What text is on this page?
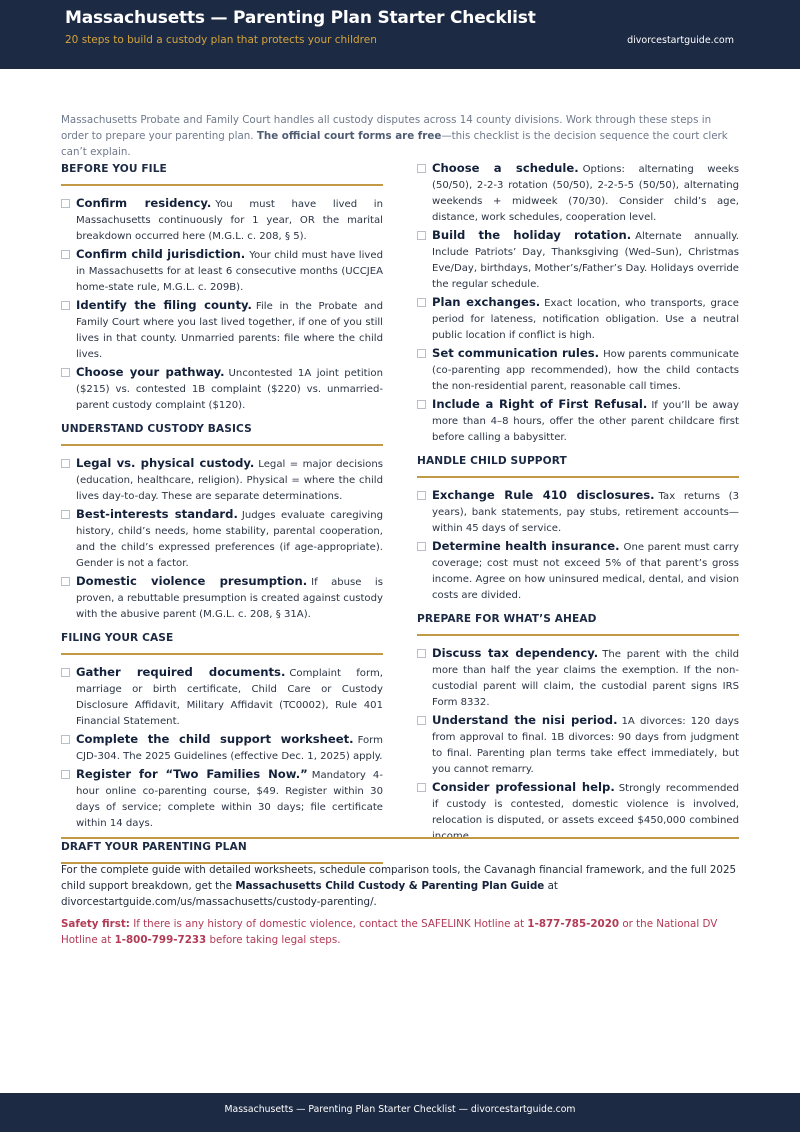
Massachusetts — Parenting Plan Starter Checklist
20 steps to build a custody plan that protects your children	divorcestartguide.com
Massachusetts Probate and Family Court handles all custody disputes across 14 county divisions. Work through these steps in order to prepare your parenting plan. The official court forms are free—this checklist is the decision sequence the court clerk can’t explain.
BEFORE YOU FILE
Confirm residency. You must have lived in Massachusetts continuously for 1 year, OR the marital breakdown occurred here (M.G.L. c. 208, § 5).
Confirm child jurisdiction. Your child must have lived in Massachusetts for at least 6 consecutive months (UCCJEA home-state rule, M.G.L. c. 209B).
Identify the filing county. File in the Probate and Family Court where you last lived together, if one of you still lives in that county. Unmarried parents: file where the child lives.
Choose your pathway. Uncontested 1A joint petition ($215) vs. contested 1B complaint ($220) vs. unmarried-parent custody complaint ($120).
UNDERSTAND CUSTODY BASICS
Legal vs. physical custody. Legal = major decisions (education, healthcare, religion). Physical = where the child lives day-to-day. These are separate determinations.
Best-interests standard. Judges evaluate caregiving history, child’s needs, home stability, parental cooperation, and the child’s expressed preferences (if age-appropriate). Gender is not a factor.
Domestic violence presumption. If abuse is proven, a rebuttable presumption is created against custody with the abusive parent (M.G.L. c. 208, § 31A).
FILING YOUR CASE
Gather required documents. Complaint form, marriage or birth certificate, Child Care or Custody Disclosure Affidavit, Military Affidavit (TC0002), Rule 401 Financial Statement.
Complete the child support worksheet. Form CJD-304. The 2025 Guidelines (effective Dec. 1, 2025) apply.
Register for “Two Families Now.” Mandatory 4-hour online co-parenting course, $49. Register within 30 days of service; complete within 30 days; file certificate within 14 days.
DRAFT YOUR PARENTING PLAN
Choose a schedule. Options: alternating weeks (50/50), 2-2-3 rotation (50/50), 2-2-5-5 (50/50), alternating weekends + midweek (70/30). Consider child’s age, distance, work schedules, cooperation level.
Build the holiday rotation. Alternate annually. Include Patriots’ Day, Thanksgiving (Wed–Sun), Christmas Eve/Day, birthdays, Mother’s/Father’s Day. Holidays override the regular schedule.
Plan exchanges. Exact location, who transports, grace period for lateness, notification obligation. Use a neutral public location if conflict is high.
Set communication rules. How parents communicate (co-parenting app recommended), how the child contacts the non-residential parent, reasonable call times.
Include a Right of First Refusal. If you’ll be away more than 4–8 hours, offer the other parent childcare first before calling a babysitter.
HANDLE CHILD SUPPORT
Exchange Rule 410 disclosures. Tax returns (3 years), bank statements, pay stubs, retirement accounts—within 45 days of service.
Determine health insurance. One parent must carry coverage; cost must not exceed 5% of that parent’s gross income. Agree on how uninsured medical, dental, and vision costs are divided.
PREPARE FOR WHAT’S AHEAD
Discuss tax dependency. The parent with the child more than half the year claims the exemption. If the non-custodial parent will claim, the custodial parent signs IRS Form 8332.
Understand the nisi period. 1A divorces: 120 days from approval to final. 1B divorces: 90 days from judgment to final. Parenting plan terms take effect immediately, but you cannot remarry.
Consider professional help. Strongly recommended if custody is contested, domestic violence is involved, relocation is disputed, or assets exceed $450,000 combined
For the complete guide with detailed worksheets, schedule comparison tools, the Cavanagh financial framework, and the full 2025 child support breakdown, get the Massachusetts Child Custody & Parenting Plan Guide at divorcestartguide.com/us/massachusetts/custody-parenting/.
Safety first: If there is any history of domestic violence, contact the SAFELINK Hotline at 1-877-785-2020 or the National DV Hotline at 1-800-799-7233 before taking legal steps.
Massachusetts — Parenting Plan Starter Checklist — divorcestartguide.com
